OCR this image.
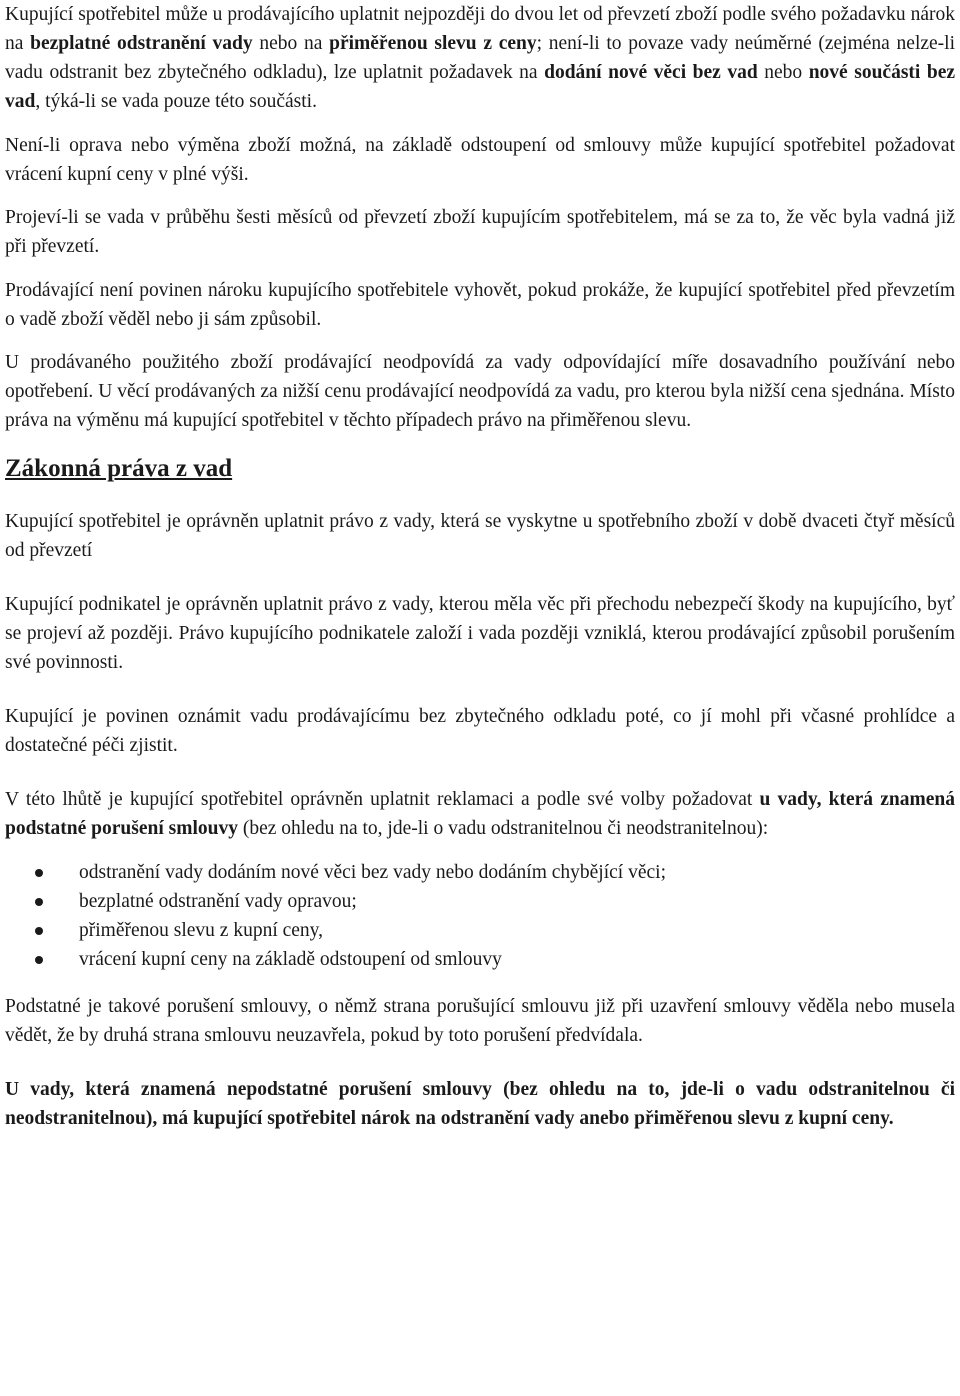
Kupující spotřebitel může u prodávajícího uplatnit nejpozději do dvou let od převzetí zboží podle svého požadavku nárok na bezplatné odstranění vady nebo na přiměřenou slevu z ceny; není-li to povaze vady neúměrné (zejména nelze-li vadu odstranit bez zbytečného odkladu), lze uplatnit požadavek na dodání nové věci bez vad nebo nové součásti bez vad, týká-li se vada pouze této součásti.

Není-li oprava nebo výměna zboží možná, na základě odstoupení od smlouvy může kupující spotřebitel požadovat vrácení kupní ceny v plné výši.

Projeví-li se vada v průběhu šesti měsíců od převzetí zboží kupujícím spotřebitelem, má se za to, že věc byla vadná již při převzetí.

Prodávající není povinen nároku kupujícího spotřebitele vyhovět, pokud prokáže, že kupující spotřebitel před převzetím o vadě zboží věděl nebo ji sám způsobil.

U prodávaného použitého zboží prodávající neodpovídá za vady odpovídající míře dosavadního používání nebo opotřebení. U věcí prodávaných za nižší cenu prodávající neodpovídá za vadu, pro kterou byla nižší cena sjednána. Místo práva na výměnu má kupující spotřebitel v těchto případech právo na přiměřenou slevu.

Zákonná práva z vad

Kupující spotřebitel je oprávněn uplatnit právo z vady, která se vyskytne u spotřebního zboží v době dvaceti čtyř měsíců od převzetí

Kupující podnikatel je oprávněn uplatnit právo z vady, kterou měla věc při přechodu nebezpečí škody na kupujícího, byť se projeví až později. Právo kupujícího podnikatele založí i vada později vzniklá, kterou prodávající způsobil porušením své povinnosti.

Kupující je povinen oznámit vadu prodávajícímu bez zbytečného odkladu poté, co jí mohl při včasné prohlídce a dostatečné péči zjistit.

V této lhůtě je kupující spotřebitel oprávněn uplatnit reklamaci a podle své volby požadovat u vady, která znamená podstatné porušení smlouvy (bez ohledu na to, jde-li o vadu odstranitelnou či neodstranitelnou):

odstranění vady dodáním nové věci bez vady nebo dodáním chybějící věci;
bezplatné odstranění vady opravou;
přiměřenou slevu z kupní ceny,
vrácení kupní ceny na základě odstoupení od smlouvy

Podstatné je takové porušení smlouvy, o němž strana porušující smlouvu již při uzavření smlouvy věděla nebo musela vědět, že by druhá strana smlouvu neuzavřela, pokud by toto porušení předvídala.

U vady, která znamená nepodstatné porušení smlouvy (bez ohledu na to, jde-li o vadu odstranitelnou či neodstranitelnou), má kupující spotřebitel nárok na odstranění vady anebo přiměřenou slevu z kupní ceny.
